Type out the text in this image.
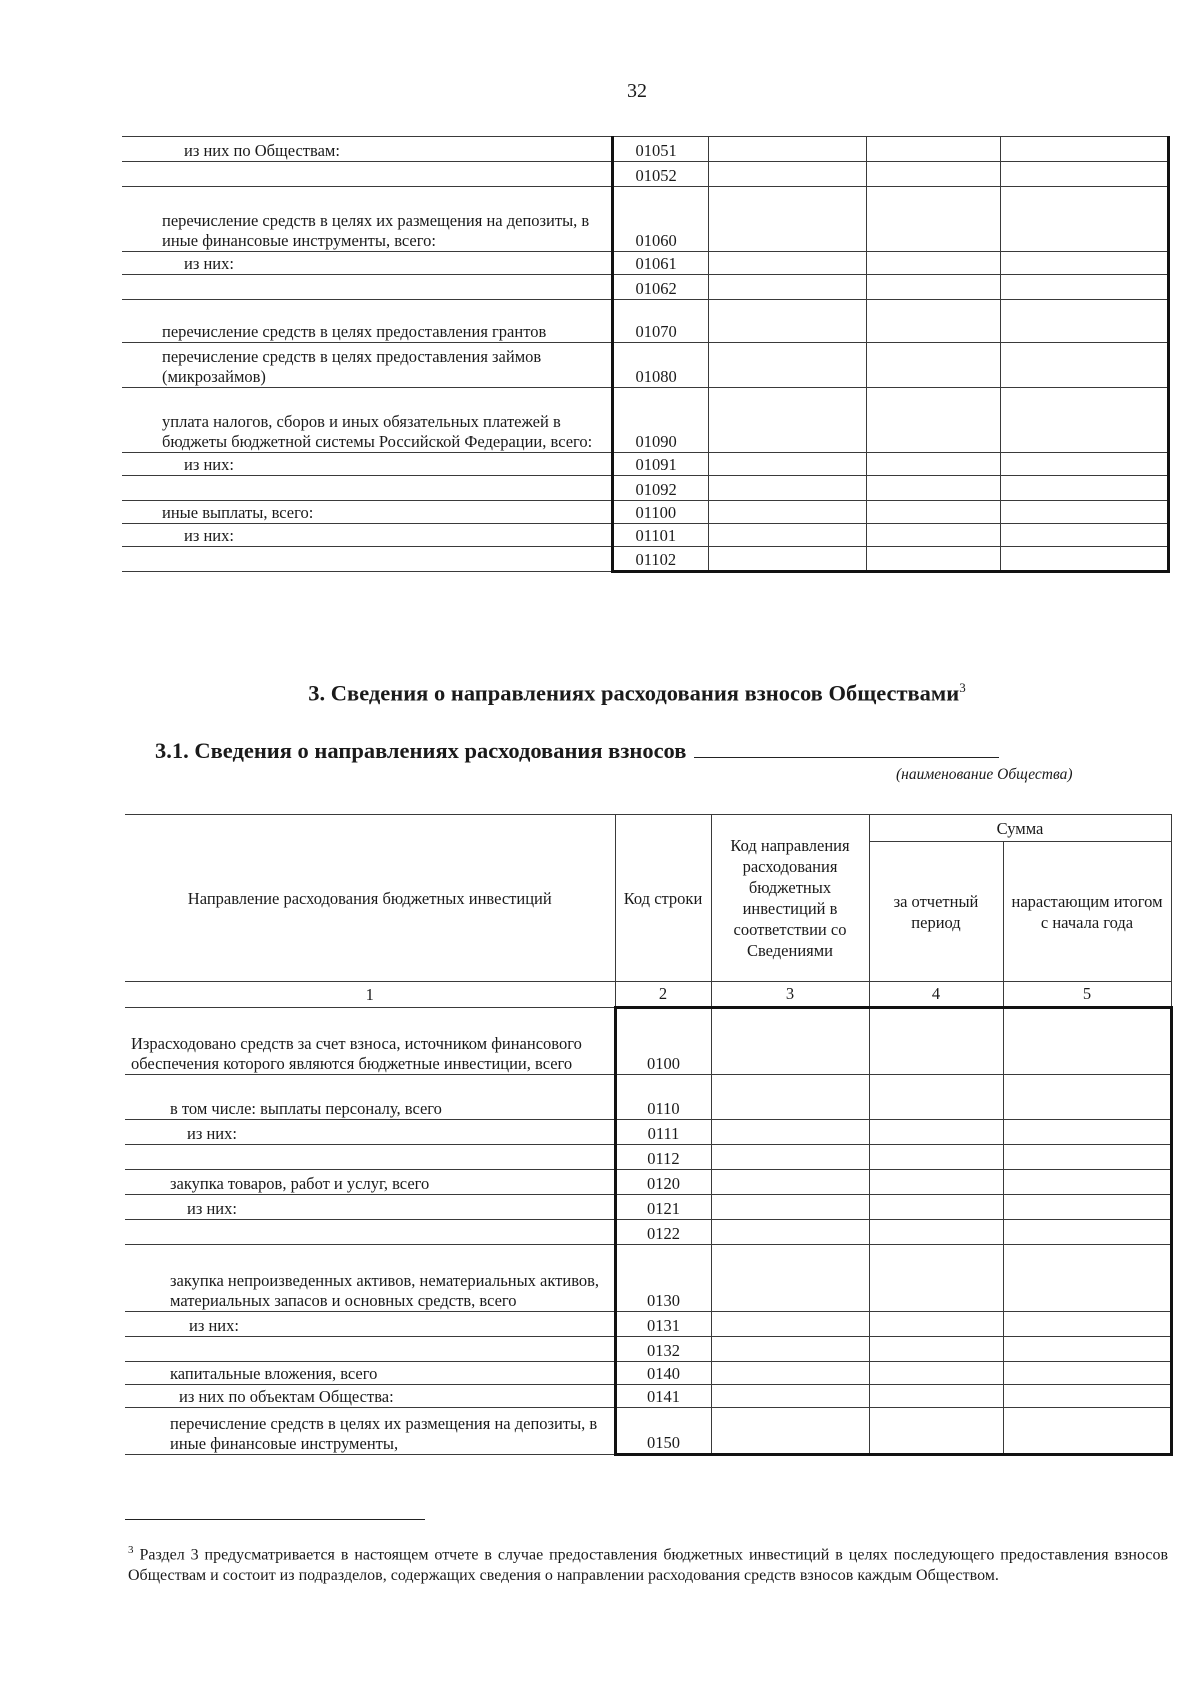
32
из них по Обществам:	01051			
	01052			
перечисление средств в целях их размещения на депозиты, в иные финансовые инструменты, всего:	01060			
из них:	01061			
	01062			
перечисление средств в целях предоставления грантов	01070			
перечисление средств в целях предоставления займов (микрозаймов)	01080			
уплата налогов, сборов и иных обязательных платежей в бюджеты бюджетной системы Российской Федерации, всего:	01090			
из них:	01091			
	01092			
иные выплаты, всего:	01100			
из них:	01101			
	01102			
3. Сведения о направлениях расходования взносов Обществами$^3$
3.1. Сведения о направлениях расходования взносов
(наименование Общества)
Направление расходования бюджетных инвестиций	Код строки	Код направления расходования бюджетных инвестиций в соответствии со Сведениями	Сумма	
			за отчетный период	нарастающим итогом с начала года
1	2	3	4	5
Израсходовано средств за счет взноса, источником финансового обеспечения которого являются бюджетные инвестиции, всего	0100			
в том числе: выплаты персоналу, всего	0110			
из них:	0111			
	0112			
закупка товаров, работ и услуг, всего	0120			
из них:	0121			
	0122			
закупка непроизведенных активов, нематериальных активов, материальных запасов и основных средств, всего	0130			
из них:	0131			
	0132			
капитальные вложения, всего	0140			
из них по объектам Общества:	0141			
перечисление средств в целях их размещения на депозиты, в иные финансовые инструменты,	0150			
$^3$ Раздел 3 предусматривается в настоящем отчете в случае предоставления бюджетных инвестиций в целях последующего предоставления взносов Обществам и состоит из подразделов, содержащих сведения о направлении расходования средств взносов каждым Обществом.
